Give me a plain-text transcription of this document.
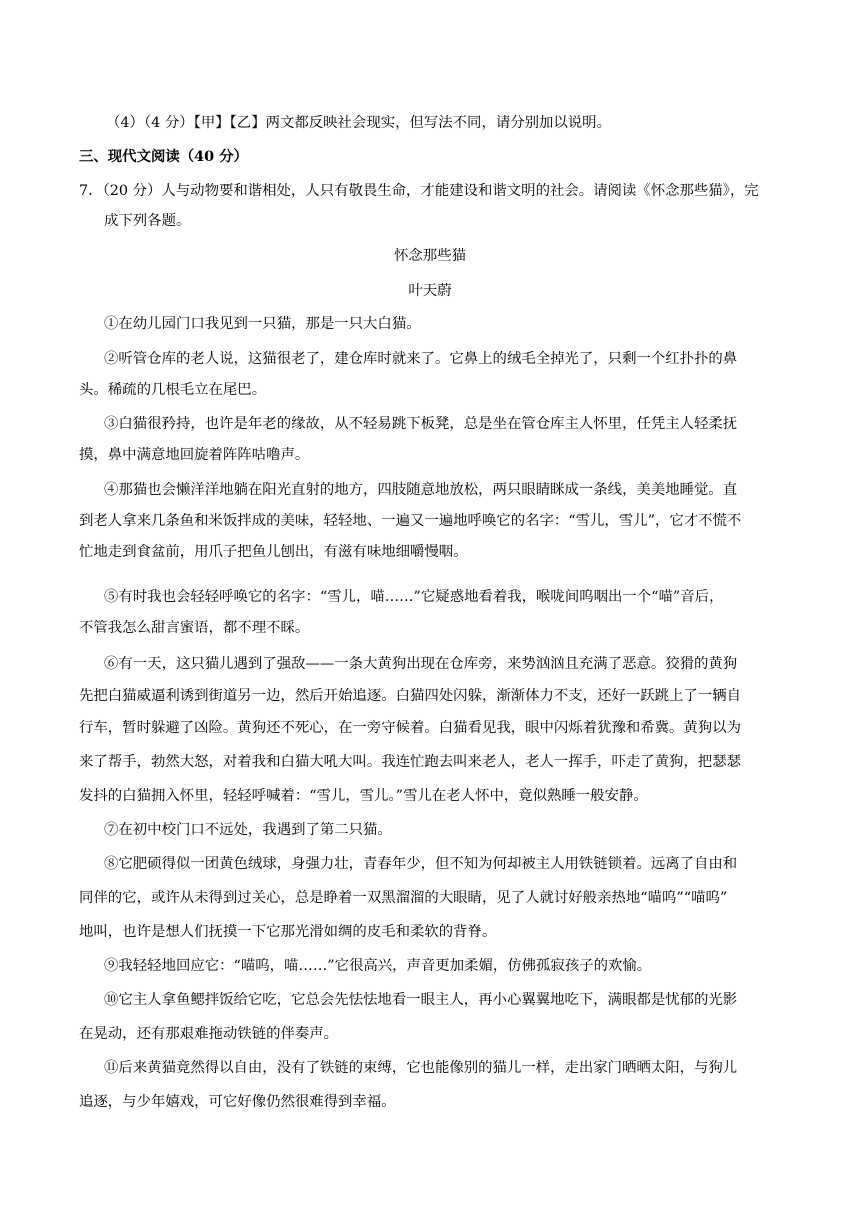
（4）（4 分）【甲】【乙】两文都反映社会现实，但写法不同，请分别加以说明。
三、现代文阅读（40 分）
7．（20 分）人与动物要和谐相处，人只有敬畏生命，才能建设和谐文明的社会。请阅读《怀念那些猫》，完
成下列各题。
怀念那些猫
叶天蔚
①在幼儿园门口我见到一只猫，那是一只大白猫。
②听管仓库的老人说，这猫很老了，建仓库时就来了。它鼻上的绒毛全掉光了，只剩一个红扑扑的鼻
头。稀疏的几根毛立在尾巴。
③白猫很矜持，也许是年老的缘故，从不轻易跳下板凳，总是坐在管仓库主人怀里，任凭主人轻柔抚
摸，鼻中满意地回旋着阵阵咕噜声。
④那猫也会懒洋洋地躺在阳光直射的地方，四肢随意地放松，两只眼睛眯成一条线，美美地睡觉。直
到老人拿来几条鱼和米饭拌成的美味，轻轻地、一遍又一遍地呼唤它的名字：“雪儿，雪儿”，它才不慌不
忙地走到食盆前，用爪子把鱼儿刨出，有滋有味地细嚼慢咽。
⑤有时我也会轻轻呼唤它的名字：“雪儿，喵……”它疑惑地看着我，喉咙间呜咽出一个“喵”音后，
不管我怎么甜言蜜语，都不理不睬。
⑥有一天，这只猫儿遇到了强敌——一条大黄狗出现在仓库旁，来势汹汹且充满了恶意。狡猾的黄狗
先把白猫威逼利诱到街道另一边，然后开始追逐。白猫四处闪躲，渐渐体力不支，还好一跃跳上了一辆自
行车，暂时躲避了凶险。黄狗还不死心，在一旁守候着。白猫看见我，眼中闪烁着犹豫和希冀。黄狗以为
来了帮手，勃然大怒，对着我和白猫大吼大叫。我连忙跑去叫来老人，老人一挥手，吓走了黄狗，把瑟瑟
发抖的白猫拥入怀里，轻轻呼喊着：“雪儿，雪儿。”雪儿在老人怀中，竟似熟睡一般安静。
⑦在初中校门口不远处，我遇到了第二只猫。
⑧它肥硕得似一团黄色绒球，身强力壮，青春年少，但不知为何却被主人用铁链锁着。远离了自由和
同伴的它，或许从未得到过关心，总是睁着一双黑溜溜的大眼睛，见了人就讨好般亲热地“喵呜”“喵呜”
地叫，也许是想人们抚摸一下它那光滑如绸的皮毛和柔软的背脊。
⑨我轻轻地回应它：“喵呜，喵……”它很高兴，声音更加柔媚，仿佛孤寂孩子的欢愉。
⑩它主人拿鱼鳃拌饭给它吃，它总会先怯怯地看一眼主人，再小心翼翼地吃下，满眼都是忧郁的光影
在晃动，还有那艰难拖动铁链的伴奏声。
⑪后来黄猫竟然得以自由，没有了铁链的束缚，它也能像别的猫儿一样，走出家门晒晒太阳，与狗儿
追逐，与少年嬉戏，可它好像仍然很难得到幸福。
